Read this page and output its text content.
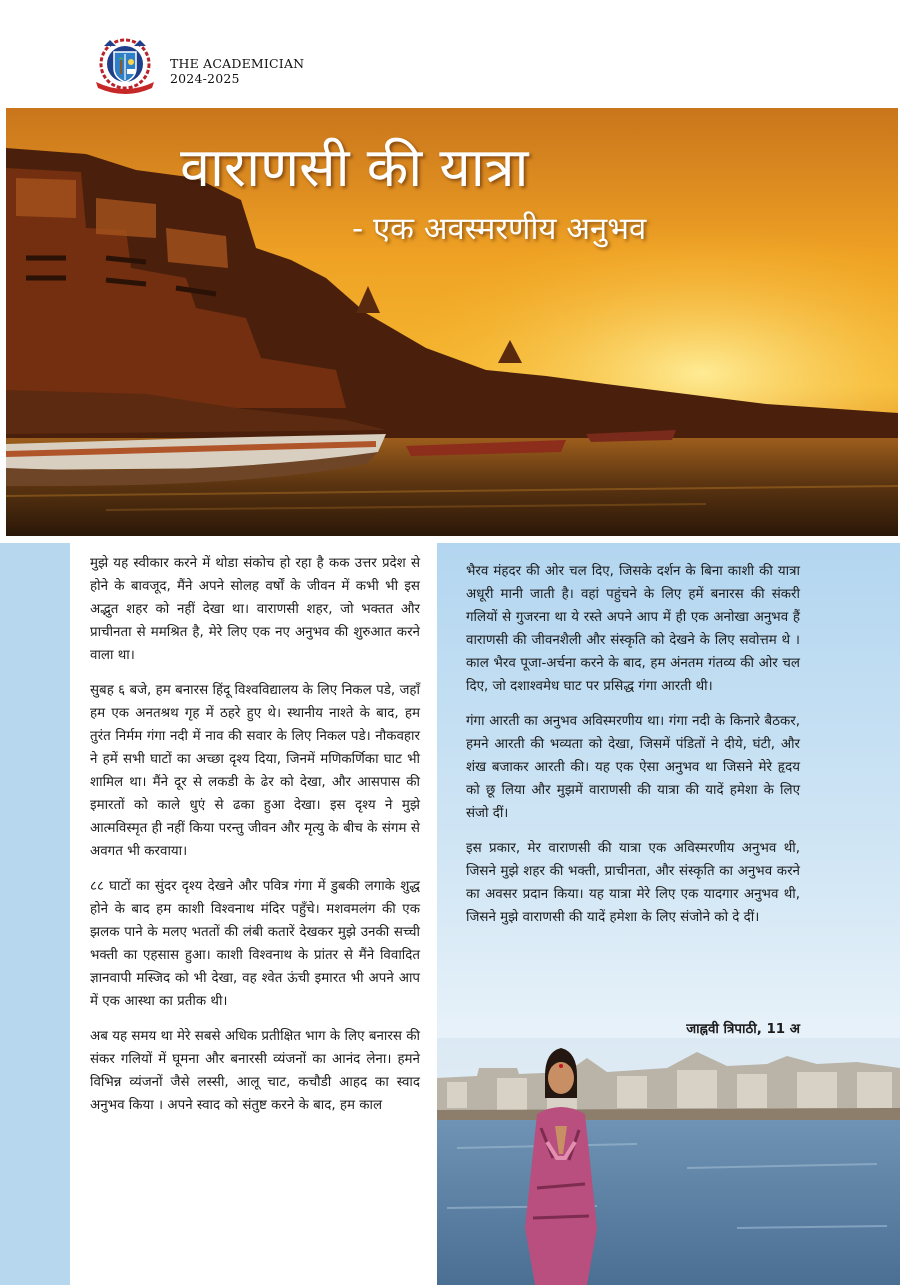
THE ACADEMICIAN
2024-2025
वाराणसी की यात्रा
- एक अवस्मरणीय अनुभव

मुझे यह स्वीकार करने में थोडा संकोच हो रहा है कक उत्तर प्रदेश से होने के बावजूद, मैंने अपने सोलह वर्षों के जीवन में कभी भी इस अद्भुत शहर को नहीं देखा था। वाराणसी शहर, जो भक्तत और प्राचीनता से ममश्रित है, मेरे लिए एक नए अनुभव की शुरुआत करने वाला था।

सुबह ६ बजे, हम बनारस हिंदू विश्वविद्यालय के लिए निकल पडे, जहाँ हम एक अनतश्रथ गृह में ठहरे हुए थे। स्थानीय नाश्ते के बाद, हम तुरंत निर्मम गंगा नदी में नाव की सवार के लिए निकल पडे। नौकवहार ने हमें सभी घाटों का अच्छा दृश्य दिया, जिनमें मणिकर्णिका घाट भी शामिल था। मैंने दूर से लकडी के ढेर को देखा, और आसपास की इमारतों को काले धुएं से ढका हुआ देखा। इस दृश्य ने मुझे आत्मविस्मृत ही नहीं किया परन्तु जीवन और मृत्यु के बीच के संगम से अवगत भी करवाया।

८८ घाटों का सुंदर दृश्य देखने और पवित्र गंगा में डुबकी लगाके शुद्ध होने के बाद हम काशी विश्वनाथ मंदिर पहुँचे। मशवमलंग की एक झलक पाने के मलए भततों की लंबी कतारें देखकर मुझे उनकी सच्ची भक्ती का एहसास हुआ। काशी विश्वनाथ के प्रांतर से मैंने विवादित ज्ञानवापी मस्जिद को भी देखा, वह श्वेत ऊंची इमारत भी अपने आप में एक आस्था का प्रतीक थी।

अब यह समय था मेरे सबसे अधिक प्रतीक्षित भाग के लिए बनारस की संकर गलियों में घूमना और बनारसी व्यंजनों का आनंद लेना। हमने विभिन्न व्यंजनों जैसे लस्सी, आलू चाट, कचौडी आहद का स्वाद अनुभव किया । अपने स्वाद को संतुष्ट करने के बाद, हम काल

भैरव मंहदर की ओर चल दिए, जिसके दर्शन के बिना काशी की यात्रा अधूरी मानी जाती है। वहां पहुंचने के लिए हमें बनारस की संकरी गलियों से गुजरना था ये रस्ते अपने आप में ही एक अनोखा अनुभव हैं वाराणसी की जीवनशैली और संस्कृति को देखने के लिए सवोत्तम थे । काल भैरव पूजा-अर्चना करने के बाद, हम अंनतम गंतव्य की ओर चल दिए, जो दशाश्वमेध घाट पर प्रसिद्ध गंगा आरती थी।

गंगा आरती का अनुभव अविस्मरणीय था। गंगा नदी के किनारे बैठकर, हमने आरती की भव्यता को देखा, जिसमें पंडितों ने दीये, घंटी, और शंख बजाकर आरती की। यह एक ऐसा अनुभव था जिसने मेरे हृदय को छू लिया और मुझमें वाराणसी की यात्रा की यादें हमेशा के लिए संजो दीं।

इस प्रकार, मेर वाराणसी की यात्रा एक अविस्मरणीय अनुभव थी, जिसने मुझे शहर की भक्ती, प्राचीनता, और संस्कृति का अनुभव करने का अवसर प्रदान किया। यह यात्रा मेरे लिए एक यादगार अनुभव थी, जिसने मुझे वाराणसी की यादें हमेशा के लिए संजोने को दे दीं।

जाह्नवी त्रिपाठी, 11 अ
